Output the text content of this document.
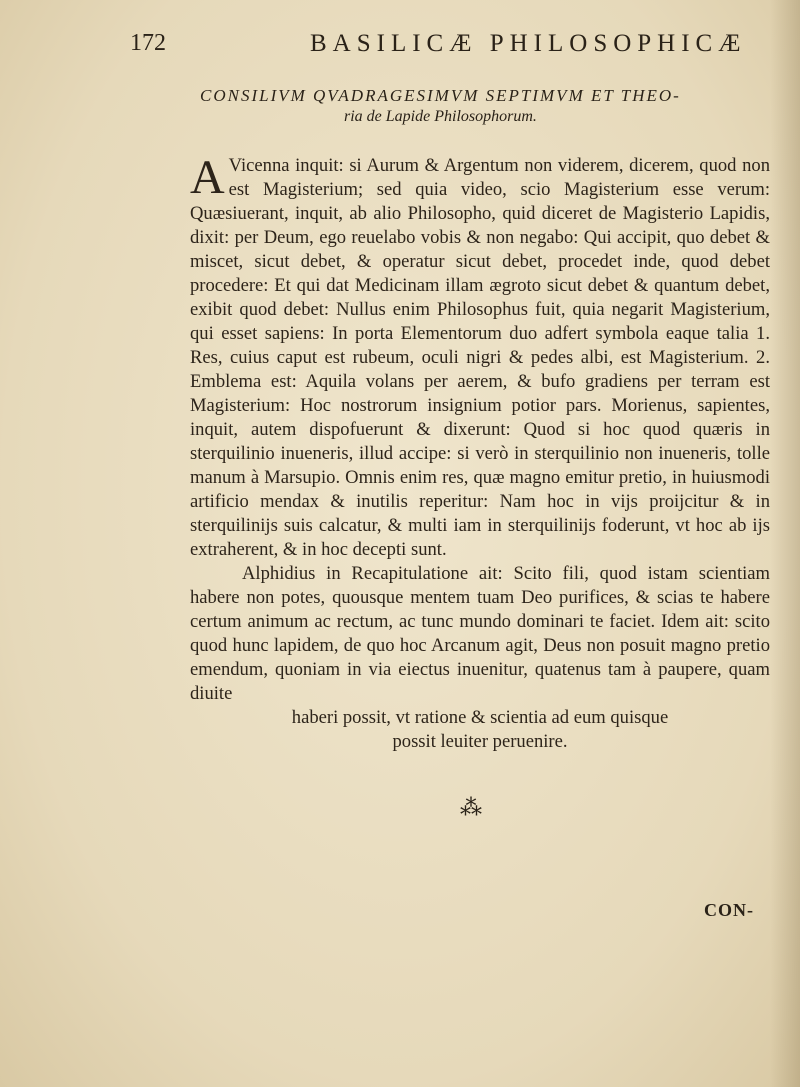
172	BASILICÆ PHILOSOPHICÆ
CONSILIVM QVADRAGESIMVM SEPTIMVM ET THEO-
ria de Lapide Philosophorum.

A Vicenna inquit: si Aurum & Argentum non viderem, dicerem, quod non est Magisterium; sed quia video, scio Magisterium esse verum: Quæsiuerant, inquit, ab alio Philosopho, quid diceret de Magisterio Lapidis, dixit: per Deum, ego reuelabo vobis & non negabo: Qui accipit, quo debet & miscet, sicut debet, & operatur sicut debet, procedet inde, quod debet procedere: Et qui dat Medicinam illam ægroto sicut debet & quantum debet, exibit quod debet: Nullus enim Philosophus fuit, quia negarit Magisterium, qui esset sapiens: In porta Elementorum duo adfert symbola eaque talia 1. Res, cuius caput est rubeum, oculi nigri & pedes albi, est Magisterium. 2. Emblema est: Aquila volans per aerem, & bufo gradiens per terram est Magisterium: Hoc nostrorum insignium potior pars. Morienus, sapientes, inquit, autem dispofuerunt & dixerunt: Quod si hoc quod quæris in sterquilinio inueneris, illud accipe: si verò in sterquilinio non inueneris, tolle manum à Marsupio. Omnis enim res, quæ magno emitur pretio, in huiusmodi artificio mendax & inutilis reperitur: Nam hoc in vijs proijcitur & in sterquilinijs suis calcatur, & multi iam in sterquilinijs foderunt, vt hoc ab ijs extraherent, & in hoc decepti sunt.

Alphidius in Recapitulatione ait: Scito fili, quod istam scientiam habere non potes, quousque mentem tuam Deo purifices, & scias te habere certum animum ac rectum, ac tunc mundo dominari te faciet. Idem ait: scito quod hunc lapidem, de quo hoc Arcanum agit, Deus non posuit magno pretio emendum, quoniam in via eiectus inuenitur, quatenus tam à paupere, quam diuite

haberi possit, vt ratione & scientia ad eum quisque
possit leuiter peruenire.

⁂
CON-
